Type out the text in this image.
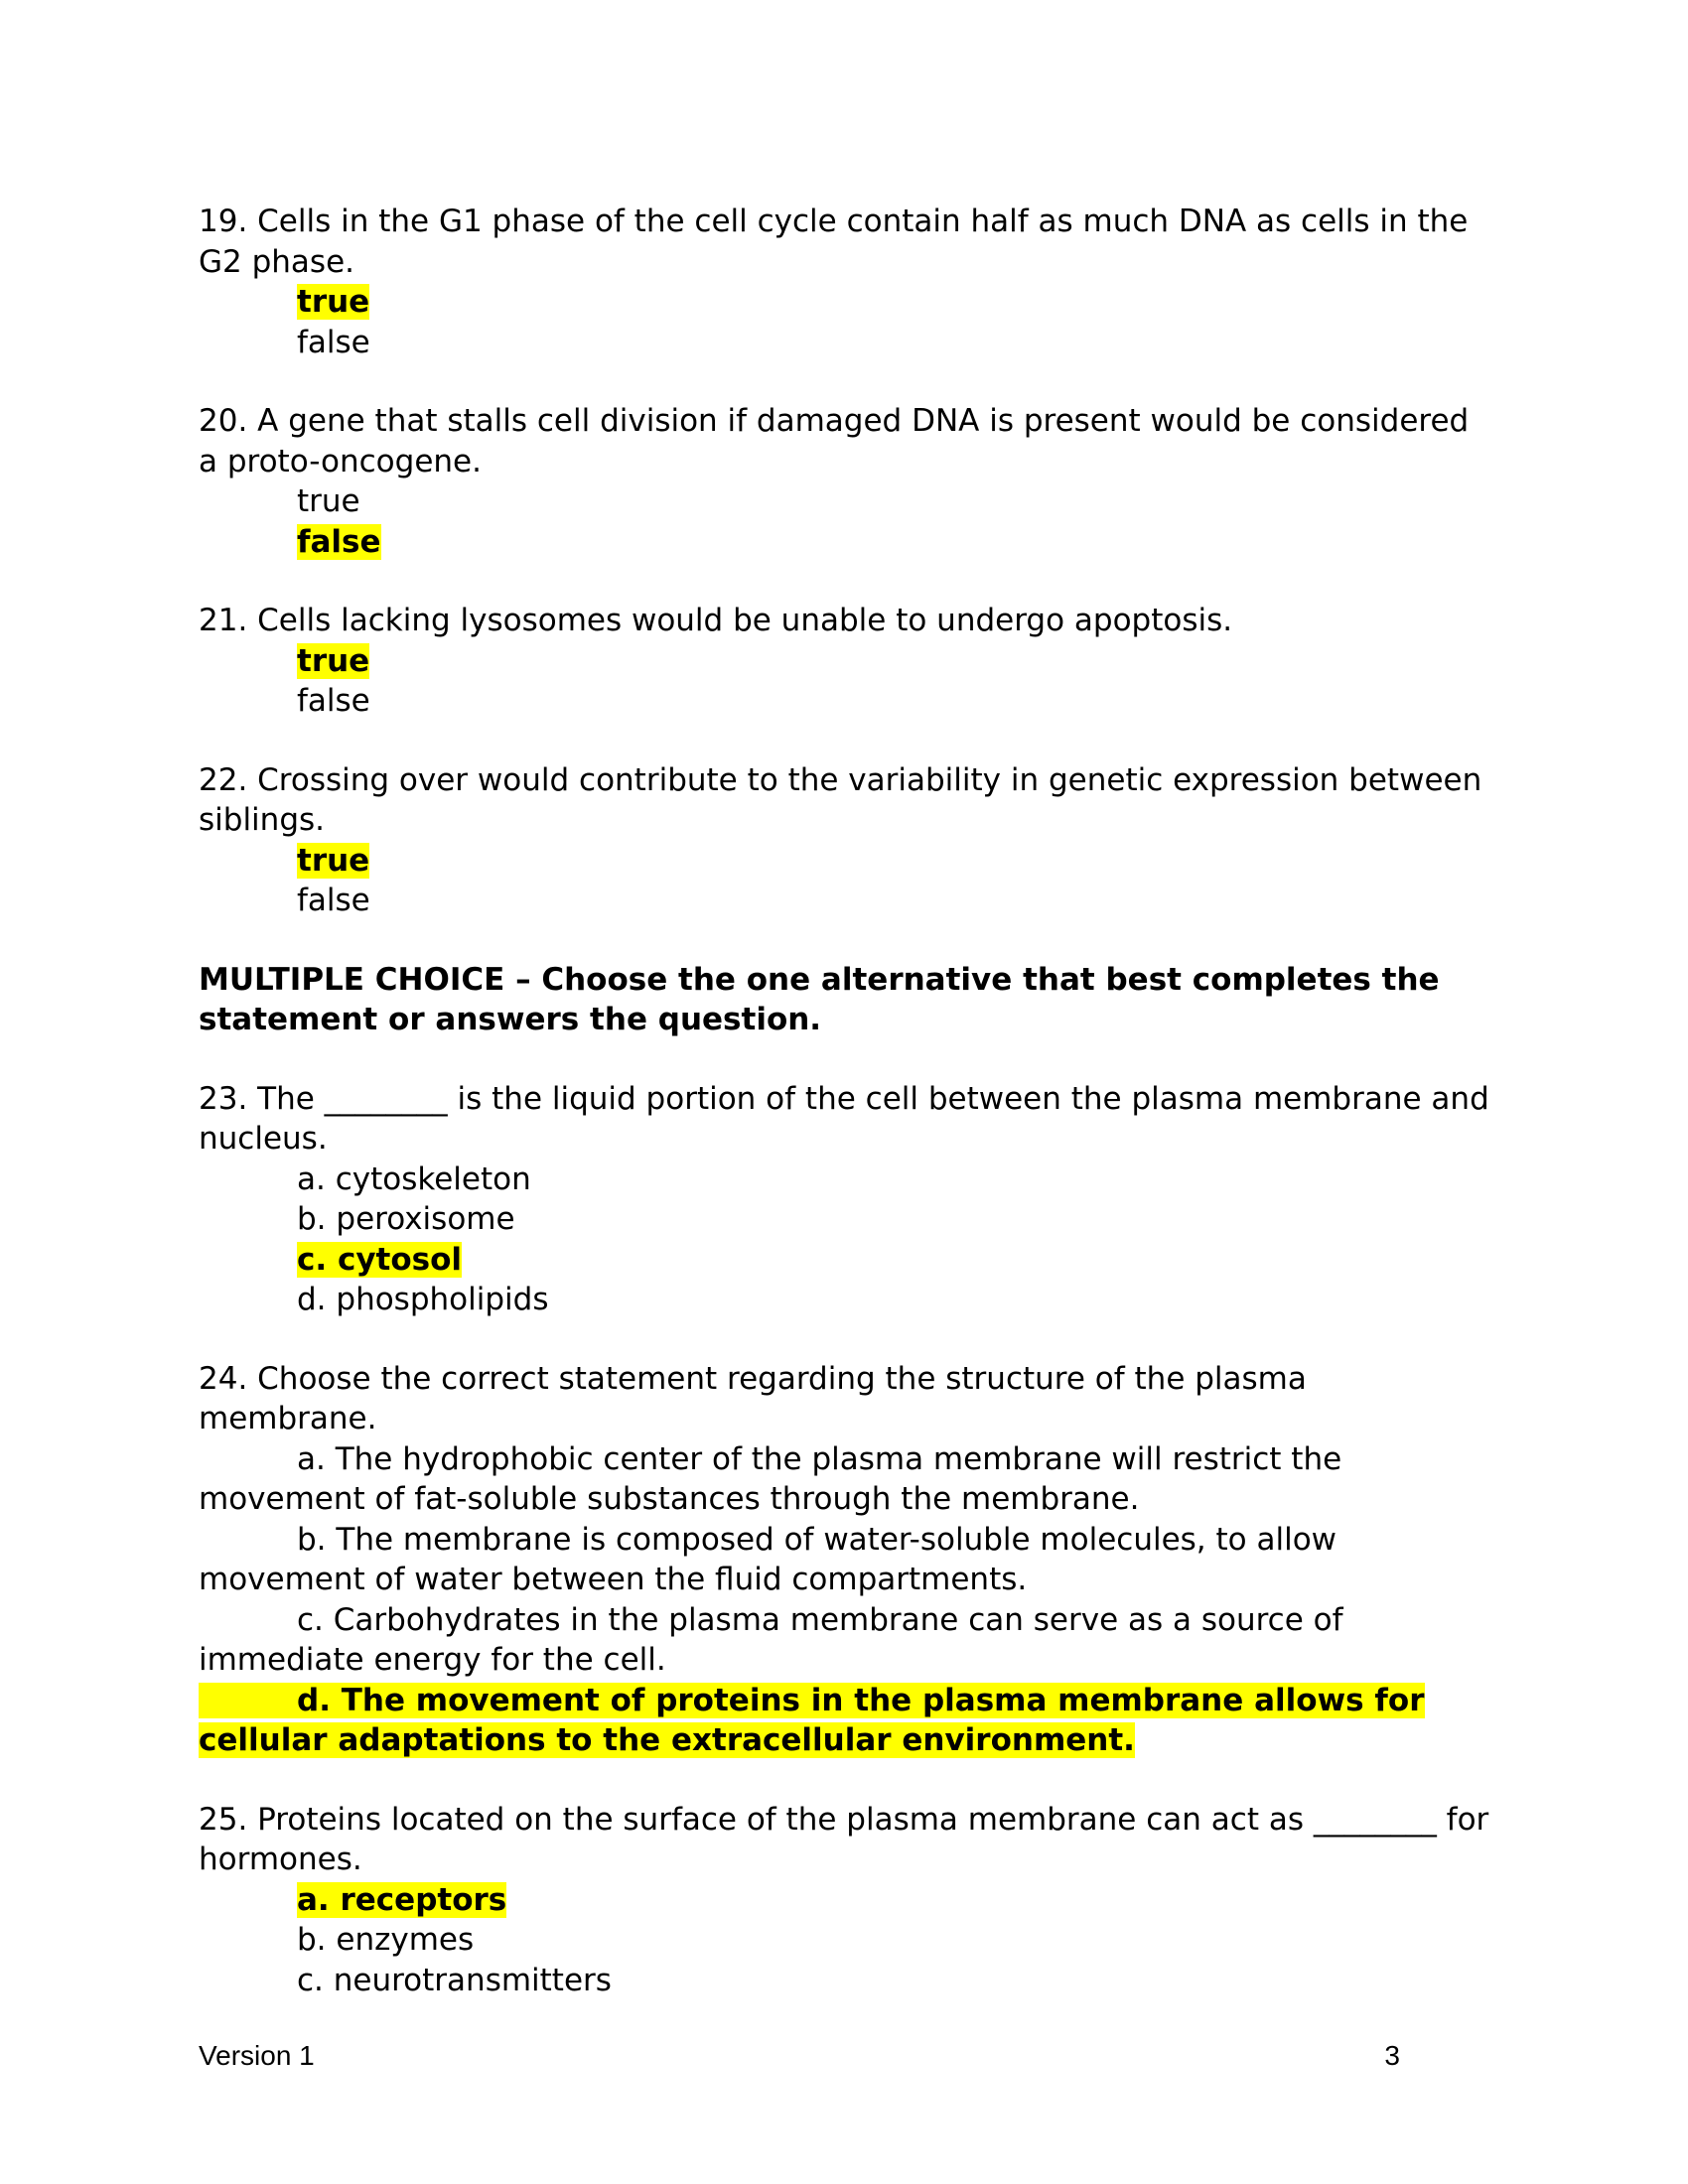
19. Cells in the G1 phase of the cell cycle contain half as much DNA as cells in the G2 phase.

true

false

20. A gene that stalls cell division if damaged DNA is present would be considered a proto-oncogene.

true

false

21. Cells lacking lysosomes would be unable to undergo apoptosis.

true

false

22. Crossing over would contribute to the variability in genetic expression between siblings.

true

false

MULTIPLE CHOICE – Choose the one alternative that best completes the statement or answers the question.

23. The ________ is the liquid portion of the cell between the plasma membrane and nucleus.

a. cytoskeleton

b. peroxisome

c. cytosol

d. phospholipids

24. Choose the correct statement regarding the structure of the plasma membrane.

a. The hydrophobic center of the plasma membrane will restrict the movement of fat-soluble substances through the membrane.

b. The membrane is composed of water-soluble molecules, to allow movement of water between the fluid compartments.

c. Carbohydrates in the plasma membrane can serve as a source of immediate energy for the cell.

d. The movement of proteins in the plasma membrane allows for cellular adaptations to the extracellular environment.

25. Proteins located on the surface of the plasma membrane can act as ________ for hormones.

a. receptors

b. enzymes

c. neurotransmitters

Version 1	3
